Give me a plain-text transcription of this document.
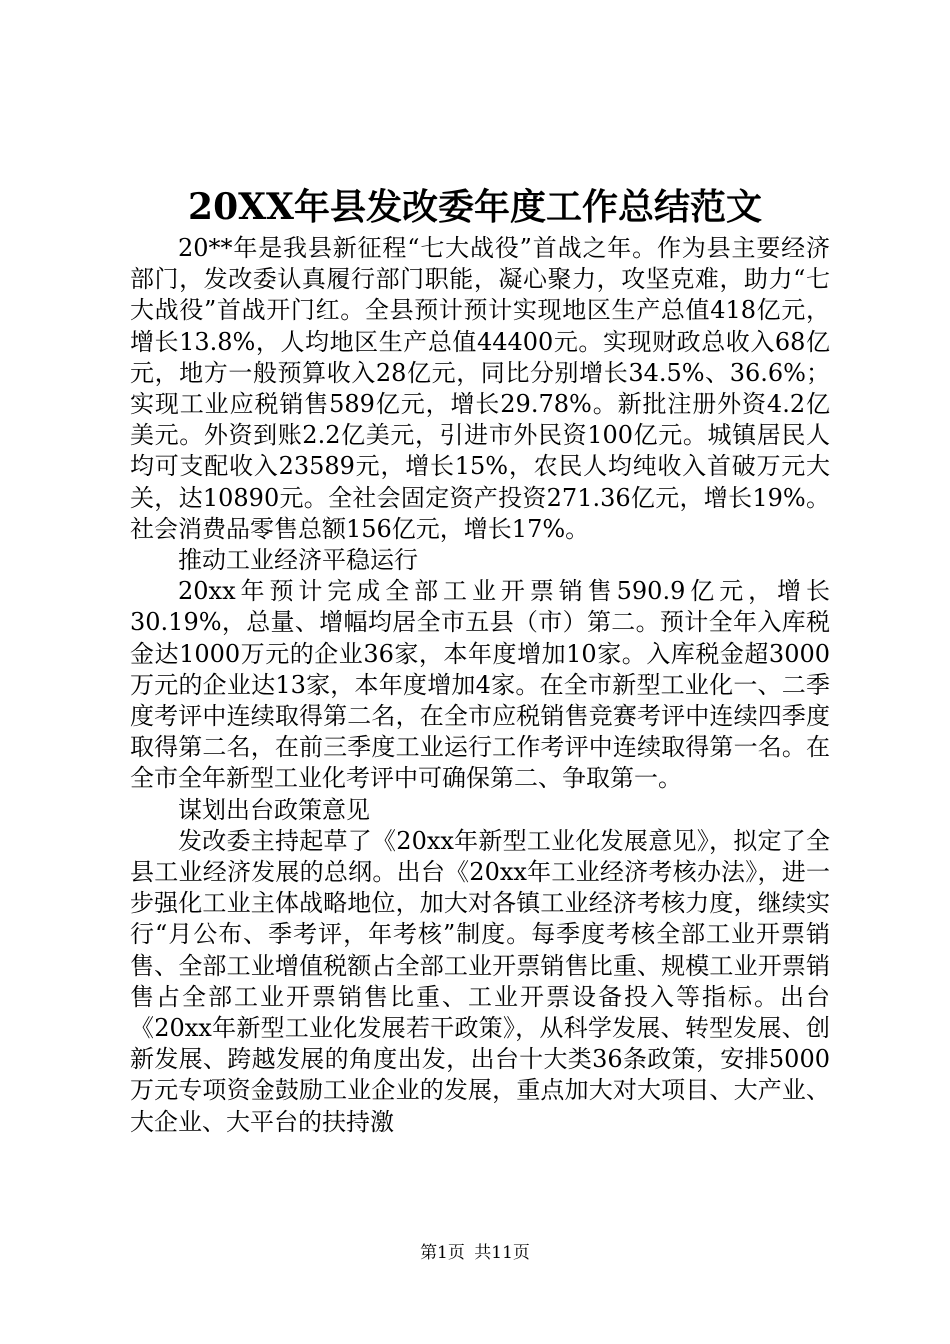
20XX年县发改委年度工作总结范文

20**年是我县新征程“七大战役”首战之年。作为县主要经济部门，发改委认真履行部门职能，凝心聚力，攻坚克难，助力“七大战役”首战开门红。全县预计预计实现地区生产总值418亿元，增长13.8%，人均地区生产总值44400元。实现财政总收入68亿元，地方一般预算收入28亿元，同比分别增长34.5%、36.6%；实现工业应税销售589亿元，增长29.78%。新批注册外资4.2亿美元。外资到账2.2亿美元，引进市外民资100亿元。城镇居民人均可支配收入23589元，增长15%，农民人均纯收入首破万元大关，达10890元。全社会固定资产投资271.36亿元，增长19%。社会消费品零售总额156亿元，增长17%。

推动工业经济平稳运行

20xx年预计完成全部工业开票销售590.9亿元，增长30.19%，总量、增幅均居全市五县（市）第二。预计全年入库税金达1000万元的企业36家，本年度增加10家。入库税金超3000万元的企业达13家，本年度增加4家。在全市新型工业化一、二季度考评中连续取得第二名，在全市应税销售竞赛考评中连续四季度取得第二名，在前三季度工业运行工作考评中连续取得第一名。在全市全年新型工业化考评中可确保第二、争取第一。

谋划出台政策意见

发改委主持起草了《20xx年新型工业化发展意见》，拟定了全县工业经济发展的总纲。出台《20xx年工业经济考核办法》，进一步强化工业主体战略地位，加大对各镇工业经济考核力度，继续实行“月公布、季考评，年考核”制度。每季度考核全部工业开票销售、全部工业增值税额占全部工业开票销售比重、规模工业开票销售占全部工业开票销售比重、工业开票设备投入等指标。出台《20xx年新型工业化发展若干政策》，从科学发展、转型发展、创新发展、跨越发展的角度出发，出台十大类36条政策，安排5000万元专项资金鼓励工业企业的发展，重点加大对大项目、大产业、大企业、大平台的扶持激

第1页 共11页
